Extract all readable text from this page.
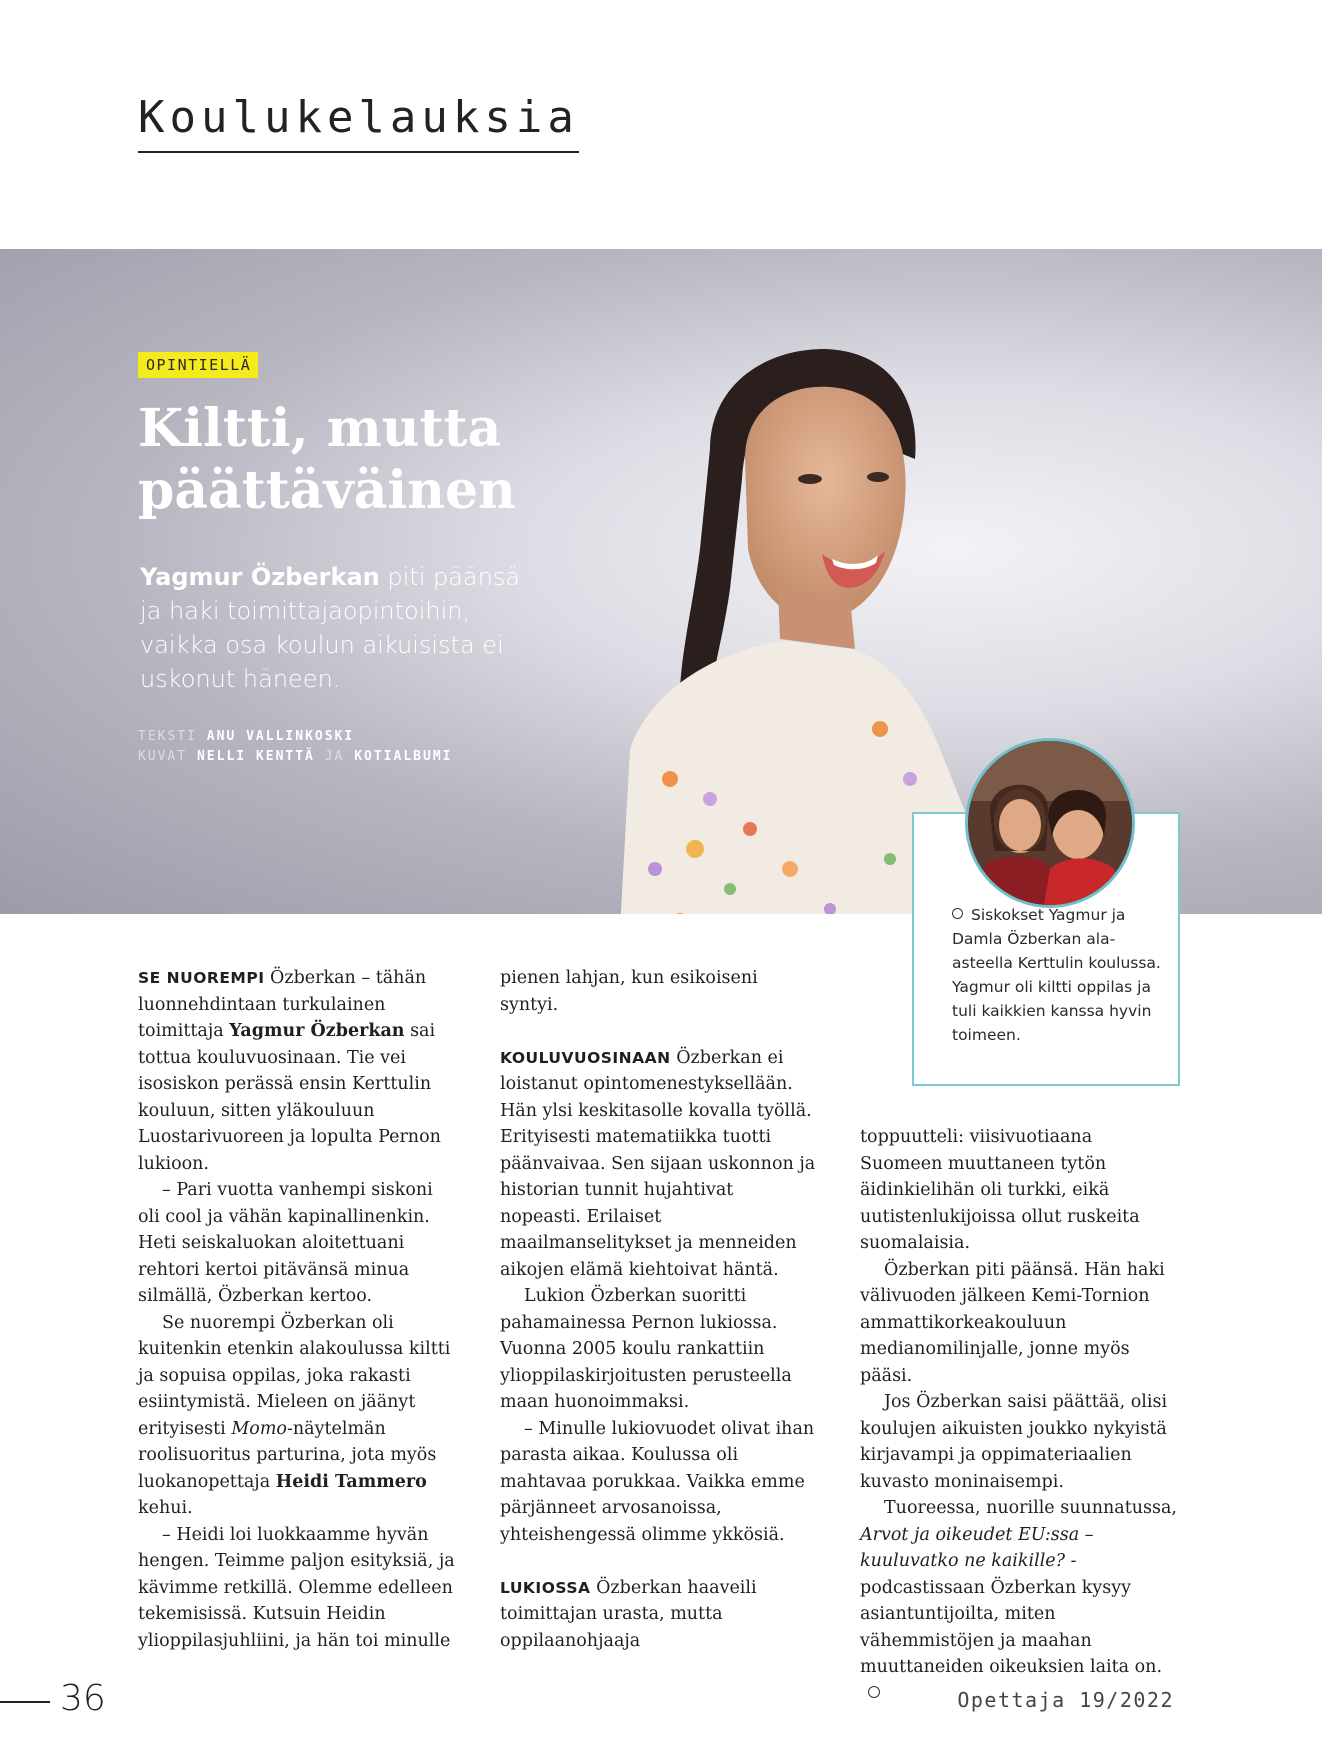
Koulukelauksia
OPINTIELLÄ
Kiltti, mutta
päättäväinen

Yagmur Özberkan piti päänsä ja haki toimittajaopintoihin, vaikka osa koulun aikuisista ei uskonut häneen.

TEKSTI ANU VALLINKOSKI
KUVAT NELLI KENTTÄ JA KOTIALBUMI

Siskokset Yagmur ja Damla Özberkan ala-asteella Kerttulin koulussa. Yagmur oli kiltti oppilas ja tuli kaikkien kanssa hyvin toimeen.

SE NUOREMPI Özberkan – tähän luonnehdintaan turkulainen toimittaja Yagmur Özberkan sai tottua kouluvuosinaan. Tie vei isosiskon perässä ensin Kerttulin kouluun, sitten yläkouluun Luostarivuoreen ja lopulta Pernon lukioon.

– Pari vuotta vanhempi siskoni oli cool ja vähän kapinallinenkin. Heti seiskaluokan aloitettuani rehtori kertoi pitävänsä minua silmällä, Özberkan kertoo.

Se nuorempi Özberkan oli kuitenkin etenkin alakoulussa kiltti ja sopuisa oppilas, joka rakasti esiintymistä. Mieleen on jäänyt erityisesti Momo-näytelmän roolisuoritus parturina, jota myös luokanopettaja Heidi Tammero kehui.

– Heidi loi luokkaamme hyvän hengen. Teimme paljon esityksiä, ja kävimme retkillä. Olemme edelleen tekemisissä. Kutsuin Heidin ylioppilasjuhliini, ja hän toi minulle

pienen lahjan, kun esikoiseni syntyi.

KOULUVUOSINAAN Özberkan ei loistanut opintomenestyksellään. Hän ylsi keskitasolle kovalla työllä. Erityisesti matematiikka tuotti päänvaivaa. Sen sijaan uskonnon ja historian tunnit hujahtivat nopeasti. Erilaiset maailmanselitykset ja menneiden aikojen elämä kiehtoivat häntä.

Lukion Özberkan suoritti pahamainessa Pernon lukiossa. Vuonna 2005 koulu rankattiin ylioppilaskirjoitusten perusteella maan huonoimmaksi.

– Minulle lukiovuodet olivat ihan parasta aikaa. Koulussa oli mahtavaa porukkaa. Vaikka emme pärjänneet arvosanoissa, yhteishengessä olimme ykkösiä.

LUKIOSSA Özberkan haaveili toimittajan urasta, mutta oppilaanohjaaja

toppuutteli: viisivuotiaana Suomeen muuttaneen tytön äidinkielihän oli turkki, eikä uutistenlukijoissa ollut ruskeita suomalaisia.

Özberkan piti päänsä. Hän haki välivuoden jälkeen Kemi-Tornion ammattikorkeakouluun medianomilinjalle, jonne myös pääsi.

Jos Özberkan saisi päättää, olisi koulujen aikuisten joukko nykyistä kirjavampi ja oppimateriaalien kuvasto moninaisempi.

Tuoreessa, nuorille suunnatussa, Arvot ja oikeudet EU:ssa – kuuluvatko ne kaikille? -podcastissaan Özberkan kysyy asiantuntijoilta, miten vähemmistöjen ja maahan muuttaneiden oikeuksien laita on.

36	Opettaja 19/2022
